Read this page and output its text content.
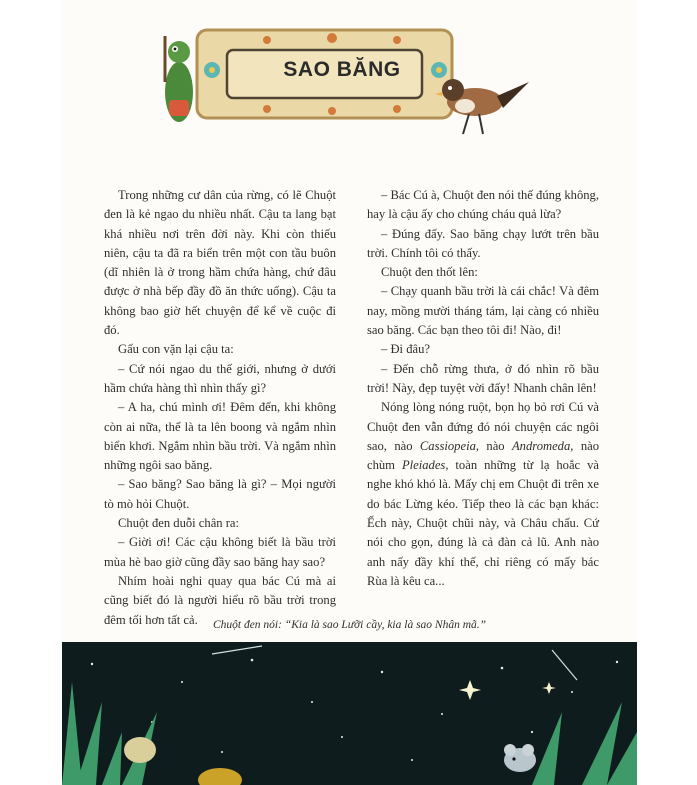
SAO BĂNG

Trong những cư dân của rừng, có lẽ Chuột đen là kẻ ngao du nhiều nhất. Cậu ta lang bạt khá nhiều nơi trên đời này. Khi còn thiếu niên, cậu ta đã ra biển trên một con tầu buôn (dĩ nhiên là ở trong hầm chứa hàng, chứ đâu được ở nhà bếp đầy đồ ăn thức uống). Cậu ta không bao giờ hết chuyện để kể về cuộc đi đó.

Gấu con vặn lại cậu ta:

– Cứ nói ngao du thế giới, nhưng ở dưới hầm chứa hàng thì nhìn thấy gì?

– A ha, chú mình ơi! Đêm đến, khi không còn ai nữa, thế là ta lên boong và ngắm nhìn biển khơi. Ngắm nhìn bầu trời. Và ngắm nhìn những ngôi sao băng.

– Sao băng? Sao băng là gì? – Mọi người tò mò hỏi Chuột.

Chuột đen duỗi chân ra:

– Giời ơi! Các cậu không biết là bầu trời mùa hè bao giờ cũng đầy sao băng hay sao?

Nhím hoài nghi quay qua bác Cú mà ai cũng biết đó là người hiểu rõ bầu trời trong đêm tối hơn tất cả.

– Bác Cú à, Chuột đen nói thế đúng không, hay là cậu ấy cho chúng cháu quả lừa?

– Đúng đấy. Sao băng chạy lướt trên bầu trời. Chính tôi có thấy.

Chuột đen thốt lên:

– Chạy quanh bầu trời là cái chắc! Và đêm nay, mồng mười tháng tám, lại càng có nhiều sao băng. Các bạn theo tôi đi! Nào, đi!

– Đi đâu?

– Đến chỗ rừng thưa, ở đó nhìn rõ bầu trời! Này, đẹp tuyệt vời đấy! Nhanh chân lên!

Nóng lòng nóng ruột, bọn họ bỏ rơi Cú và Chuột đen vẫn đứng đó nói chuyện các ngôi sao, nào Cassiopeia, nào Andromeda, nào chùm Pleiades, toàn những từ lạ hoắc và nghe khó khó là. Mấy chị em Chuột đi trên xe do bác Lừng kéo. Tiếp theo là các bạn khác: Ếch này, Chuột chũi này, và Châu chấu. Cứ nói cho gọn, đúng là cả đàn cả lũ. Anh nào anh nấy đầy khí thế, chỉ riêng có mấy bác Rùa là kêu ca...

Chuột đen nói: “Kia là sao Lưỡi cầy, kia là sao Nhân mã.”
